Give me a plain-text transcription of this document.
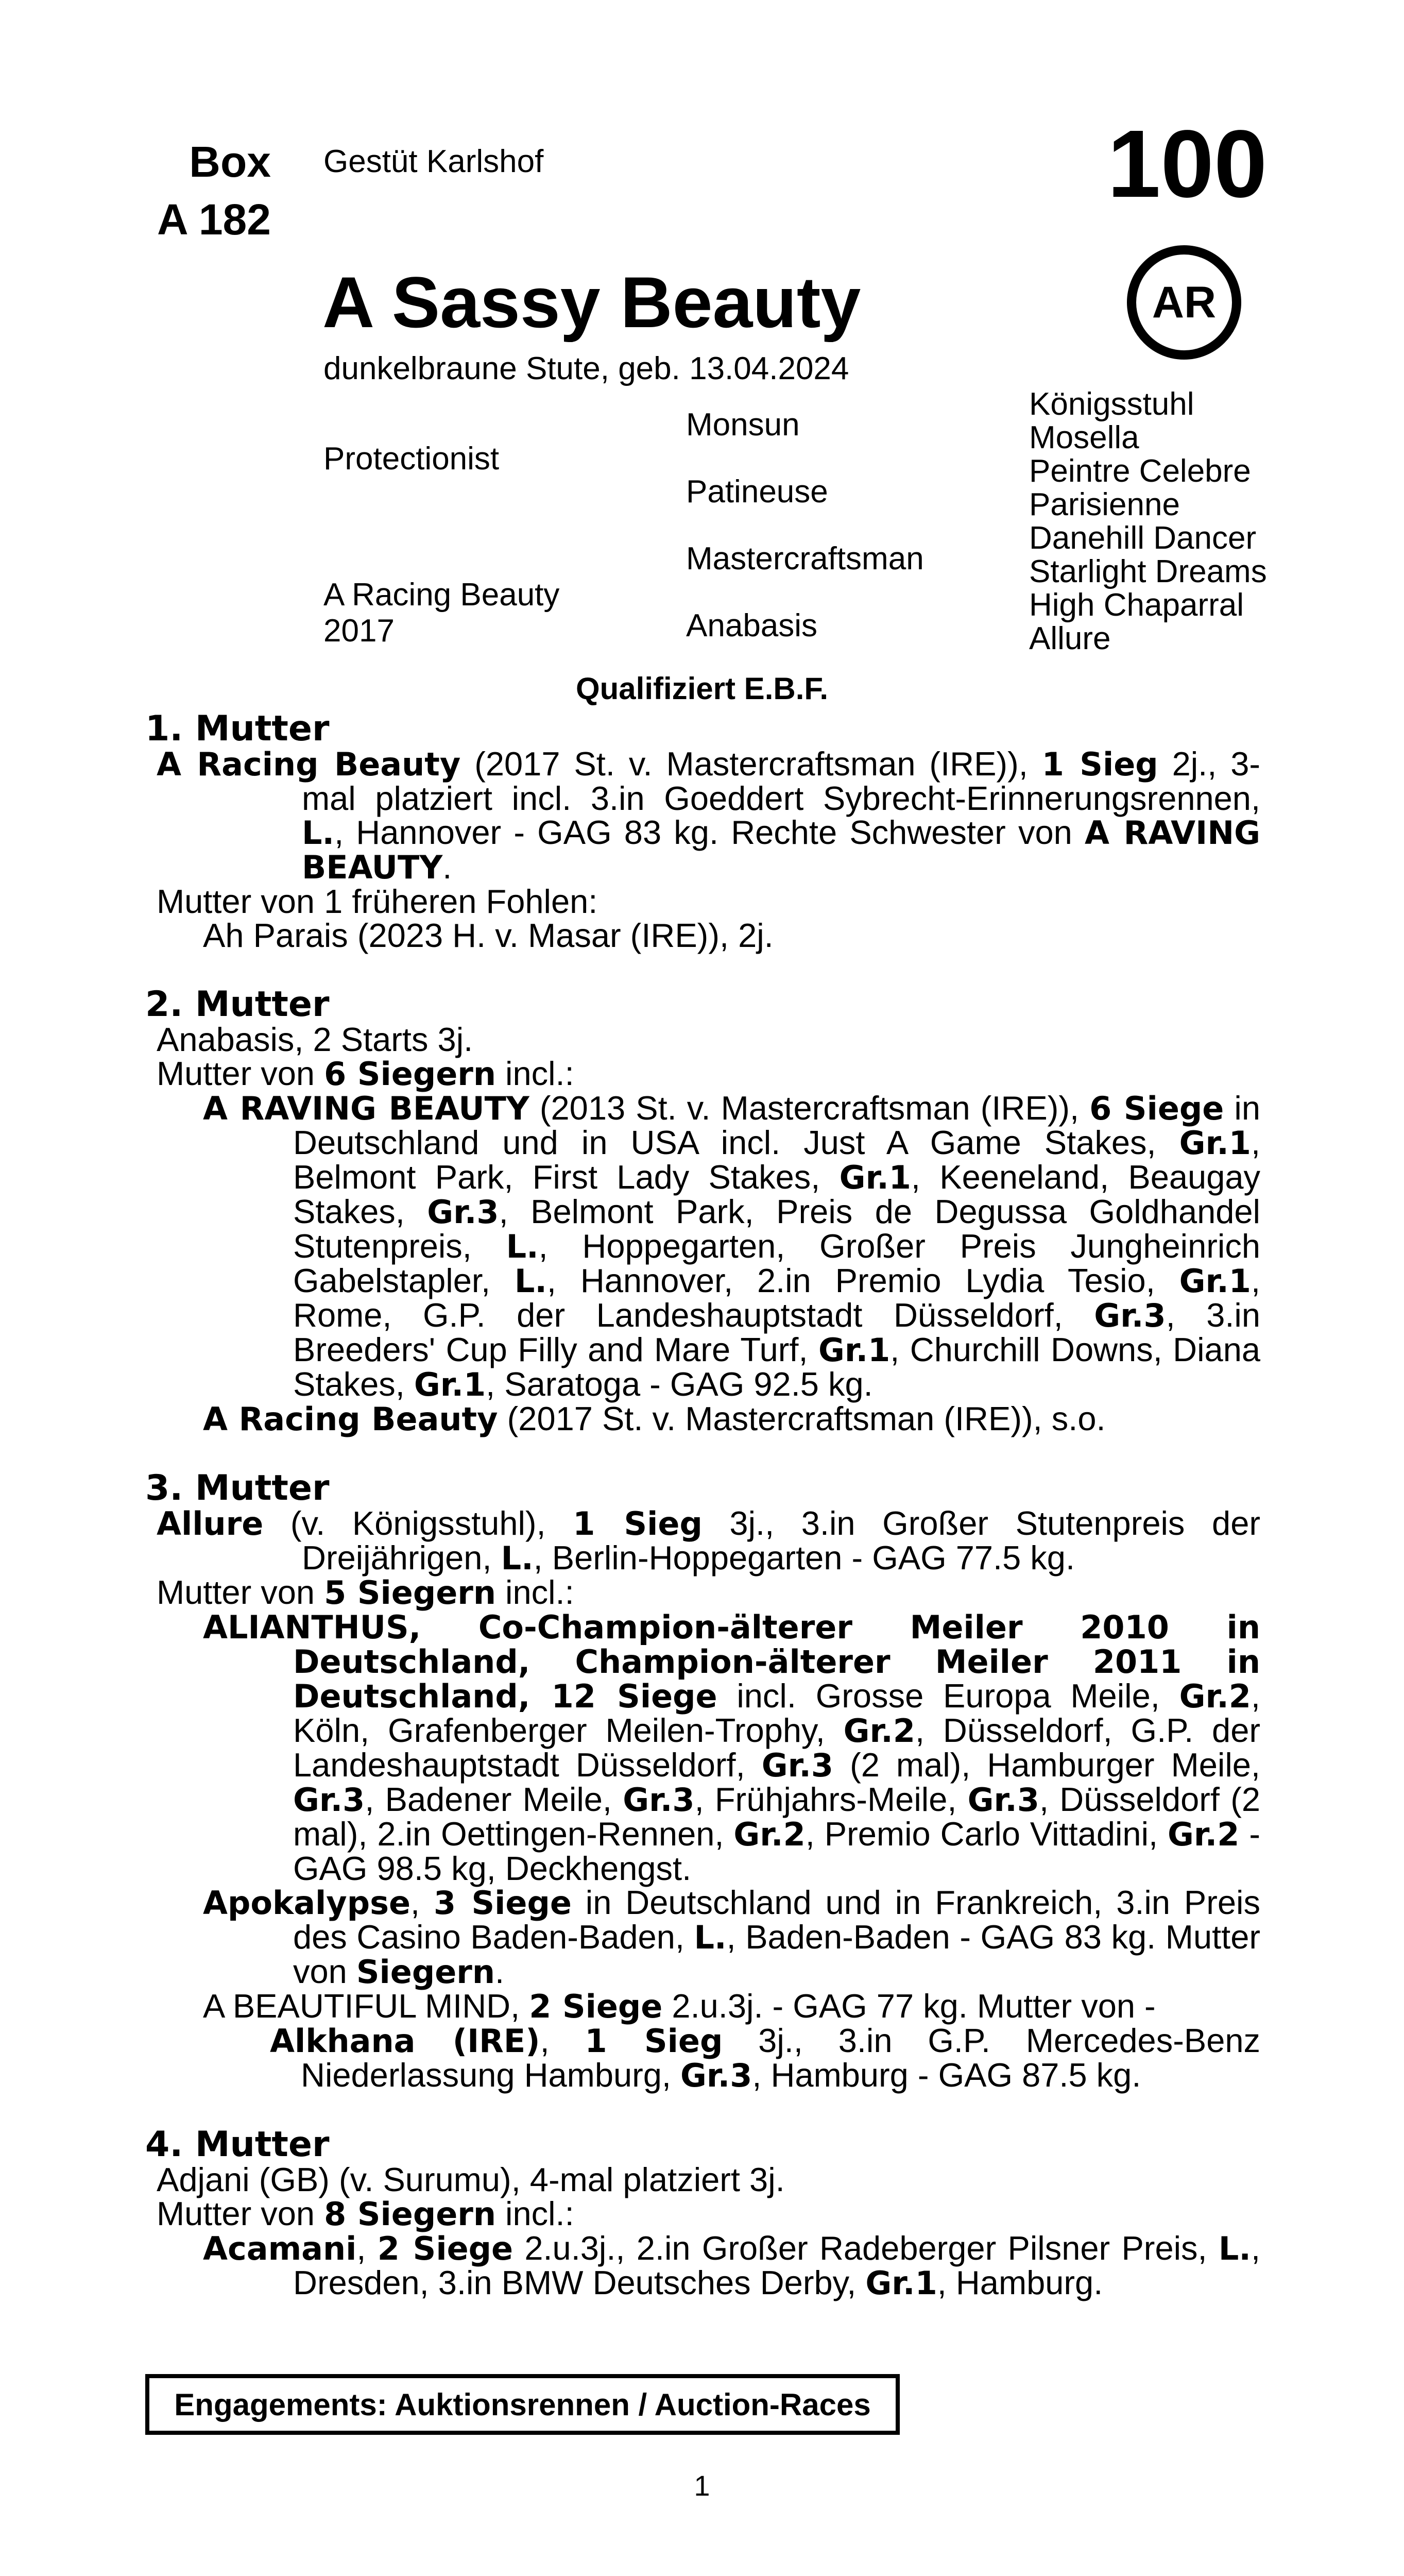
Box
A 182
Gestüt Karlshof	100
AR
A Sassy Beauty
dunkelbraune Stute, geb. 13.04.2024
Protectionist
A Racing Beauty
2017
Monsun
Patineuse
Mastercraftsman
Anabasis
Königsstuhl
Mosella
Peintre Celebre
Parisienne
Danehill Dancer
Starlight Dreams
High Chaparral
Allure
Qualifiziert E.B.F.
1. Mutter

A Racing Beauty (2017 St. v. Mastercraftsman (IRE)), 1 Sieg 2j., 3-mal platziert incl. 3.in Goeddert Sybrecht-Erinnerungsrennen, L., Hannover - GAG 83 kg. Rechte Schwester von A RAVING BEAUTY.

Mutter von 1 früheren Fohlen:

Ah Parais (2023 H. v. Masar (IRE)), 2j.

2. Mutter

Anabasis, 2 Starts 3j.

Mutter von 6 Siegern incl.:

A RAVING BEAUTY (2013 St. v. Mastercraftsman (IRE)), 6 Siege in Deutschland und in USA incl. Just A Game Stakes, Gr.1, Belmont Park, First Lady Stakes, Gr.1, Keeneland, Beaugay Stakes, Gr.3, Belmont Park, Preis de Degussa Goldhandel Stutenpreis, L., Hoppegarten, Großer Preis Jungheinrich Gabelstapler, L., Hannover, 2.in Premio Lydia Tesio, Gr.1, Rome, G.P. der Landeshauptstadt Düsseldorf, Gr.3, 3.in Breeders' Cup Filly and Mare Turf, Gr.1, Churchill Downs, Diana Stakes, Gr.1, Saratoga - GAG 92.5 kg.

A Racing Beauty (2017 St. v. Mastercraftsman (IRE)), s.o.

3. Mutter

Allure (v. Königsstuhl), 1 Sieg 3j., 3.in Großer Stutenpreis der Dreijährigen, L., Berlin-Hoppegarten - GAG 77.5 kg.

Mutter von 5 Siegern incl.:

ALIANTHUS, Co-Champion-älterer Meiler 2010 in Deutschland, Champion-älterer Meiler 2011 in Deutschland, 12 Siege incl. Grosse Europa Meile, Gr.2, Köln, Grafenberger Meilen-Trophy, Gr.2, Düsseldorf, G.P. der Landeshauptstadt Düsseldorf, Gr.3 (2 mal), Hamburger Meile, Gr.3, Badener Meile, Gr.3, Frühjahrs-Meile, Gr.3, Düsseldorf (2 mal), 2.in Oettingen-Rennen, Gr.2, Premio Carlo Vittadini, Gr.2 - GAG 98.5 kg, Deckhengst.

Apokalypse, 3 Siege in Deutschland und in Frankreich, 3.in Preis des Casino Baden-Baden, L., Baden-Baden - GAG 83 kg. Mutter von Siegern.

A BEAUTIFUL MIND, 2 Siege 2.u.3j. - GAG 77 kg. Mutter von -

Alkhana (IRE), 1 Sieg 3j., 3.in G.P. Mercedes-Benz Niederlassung Hamburg, Gr.3, Hamburg - GAG 87.5 kg.

4. Mutter

Adjani (GB) (v. Surumu), 4-mal platziert 3j.

Mutter von 8 Siegern incl.:

Acamani, 2 Siege 2.u.3j., 2.in Großer Radeberger Pilsner Preis, L., Dresden, 3.in BMW Deutsches Derby, Gr.1, Hamburg.

Engagements: Auktionsrennen / Auction-Races
1
